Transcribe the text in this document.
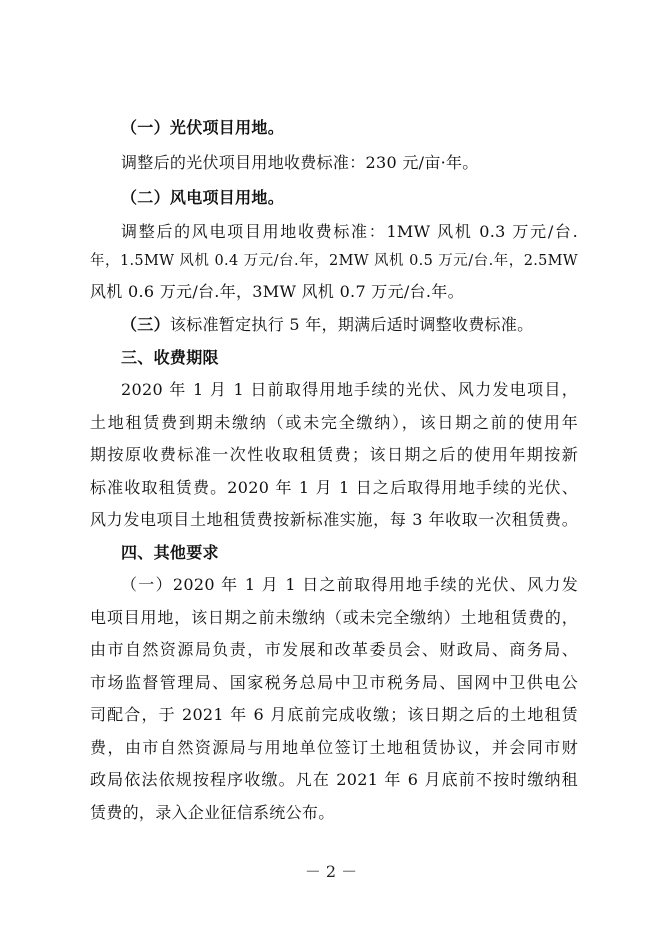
（一）光伏项目用地。
调整后的光伏项目用地收费标准：230 元/亩·年。
（二）风电项目用地。
调整后的风电项目用地收费标准：1MW 风机 0.3 万元/台.
年，1.5MW 风机 0.4 万元/台.年，2MW 风机 0.5 万元/台.年，2.5MW
风机 0.6 万元/台.年，3MW 风机 0.7 万元/台.年。
（三）该标准暂定执行 5 年，期满后适时调整收费标准。
三、收费期限
2020 年 1 月 1 日前取得用地手续的光伏、风力发电项目，
土地租赁费到期未缴纳（或未完全缴纳），该日期之前的使用年
期按原收费标准一次性收取租赁费；该日期之后的使用年期按新
标准收取租赁费。2020 年 1 月 1 日之后取得用地手续的光伏、
风力发电项目土地租赁费按新标准实施，每 3 年收取一次租赁费。
四、其他要求
（一）2020 年 1 月 1 日之前取得用地手续的光伏、风力发
电项目用地，该日期之前未缴纳（或未完全缴纳）土地租赁费的，
由市自然资源局负责，市发展和改革委员会、财政局、商务局、
市场监督管理局、国家税务总局中卫市税务局、国网中卫供电公
司配合，于 2021 年 6 月底前完成收缴；该日期之后的土地租赁
费，由市自然资源局与用地单位签订土地租赁协议，并会同市财
政局依法依规按程序收缴。凡在 2021 年 6 月底前不按时缴纳租
赁费的，录入企业征信系统公布。
－ 2 －
